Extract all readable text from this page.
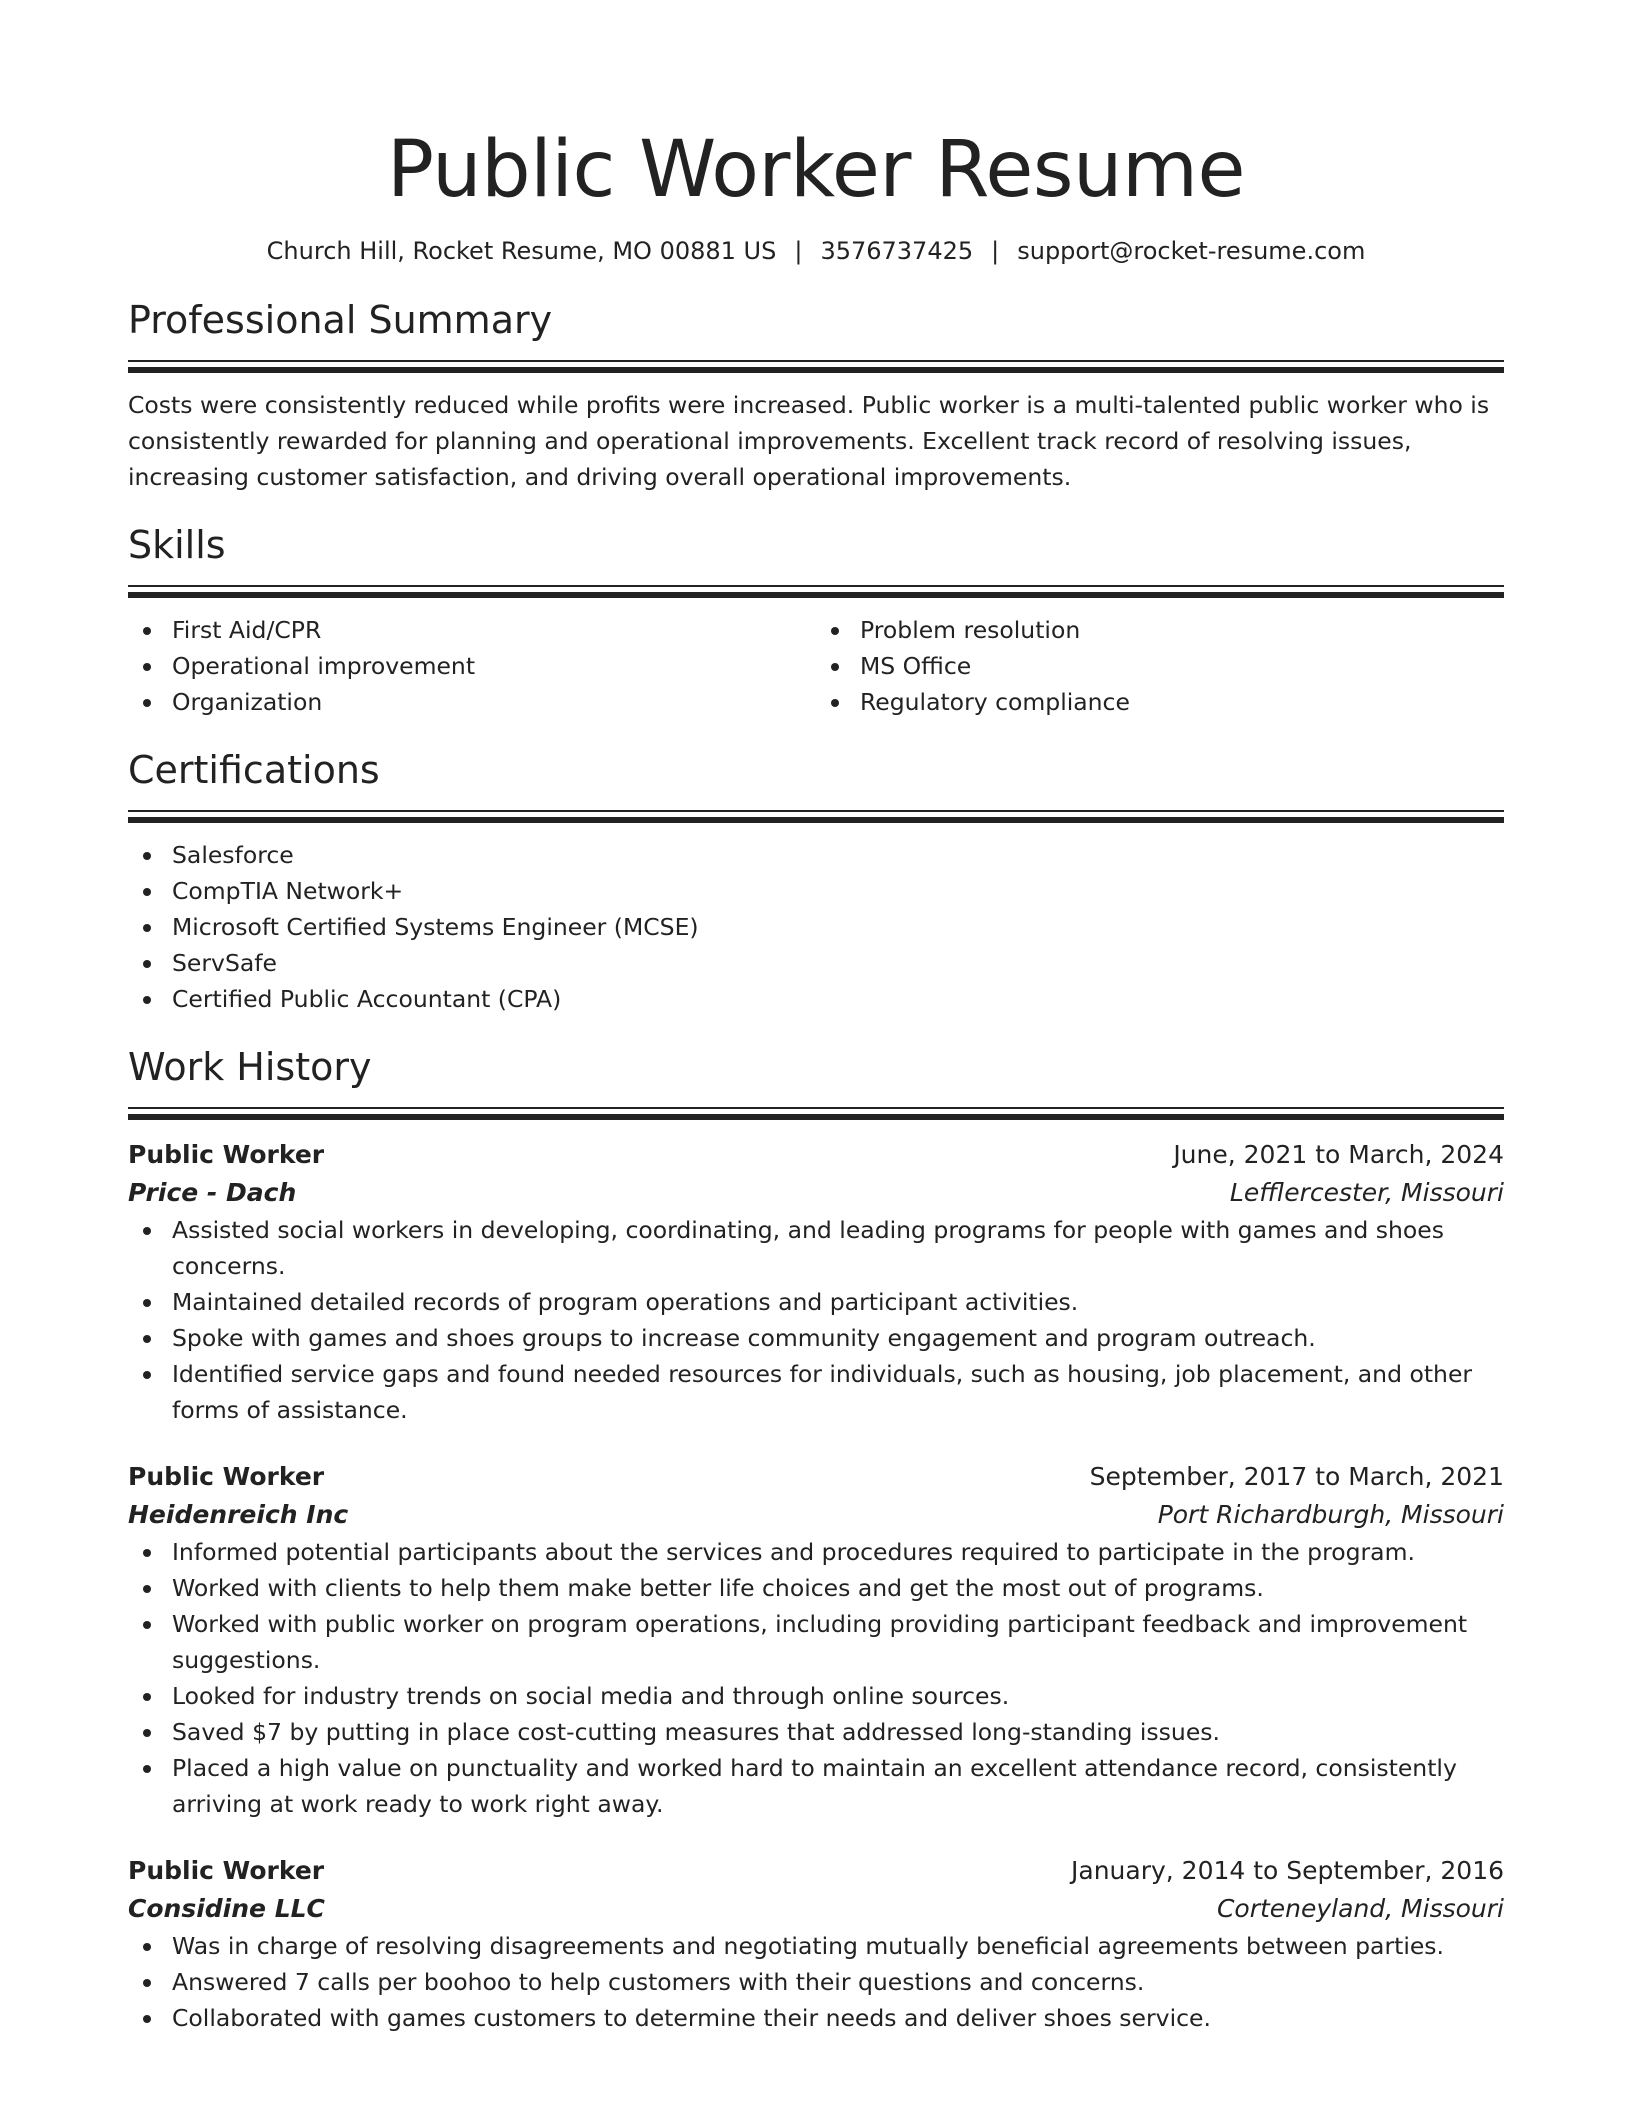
Public Worker Resume
Church Hill, Rocket Resume, MO 00881 US | 3576737425 | support@rocket-resume.com
Professional Summary
Costs were consistently reduced while profits were increased. Public worker is a multi-talented public worker who is consistently rewarded for planning and operational improvements. Excellent track record of resolving issues, increasing customer satisfaction, and driving overall operational improvements.
Skills
First Aid/CPR
Operational improvement
Organization
Problem resolution
MS Office
Regulatory compliance
Certifications
Salesforce
CompTIA Network+
Microsoft Certified Systems Engineer (MCSE)
ServSafe
Certified Public Accountant (CPA)
Work History
Public Worker	June, 2021 to March, 2024
Price - Dach	Lefflercester, Missouri
Assisted social workers in developing, coordinating, and leading programs for people with games and shoes concerns.
Maintained detailed records of program operations and participant activities.
Spoke with games and shoes groups to increase community engagement and program outreach.
Identified service gaps and found needed resources for individuals, such as housing, job placement, and other forms of assistance.
Public Worker	September, 2017 to March, 2021
Heidenreich Inc	Port Richardburgh, Missouri
Informed potential participants about the services and procedures required to participate in the program.
Worked with clients to help them make better life choices and get the most out of programs.
Worked with public worker on program operations, including providing participant feedback and improvement suggestions.
Looked for industry trends on social media and through online sources.
Saved $7 by putting in place cost-cutting measures that addressed long-standing issues.
Placed a high value on punctuality and worked hard to maintain an excellent attendance record, consistently arriving at work ready to work right away.
Public Worker	January, 2014 to September, 2016
Considine LLC	Corteneyland, Missouri
Was in charge of resolving disagreements and negotiating mutually beneficial agreements between parties.
Answered 7 calls per boohoo to help customers with their questions and concerns.
Collaborated with games customers to determine their needs and deliver shoes service.
